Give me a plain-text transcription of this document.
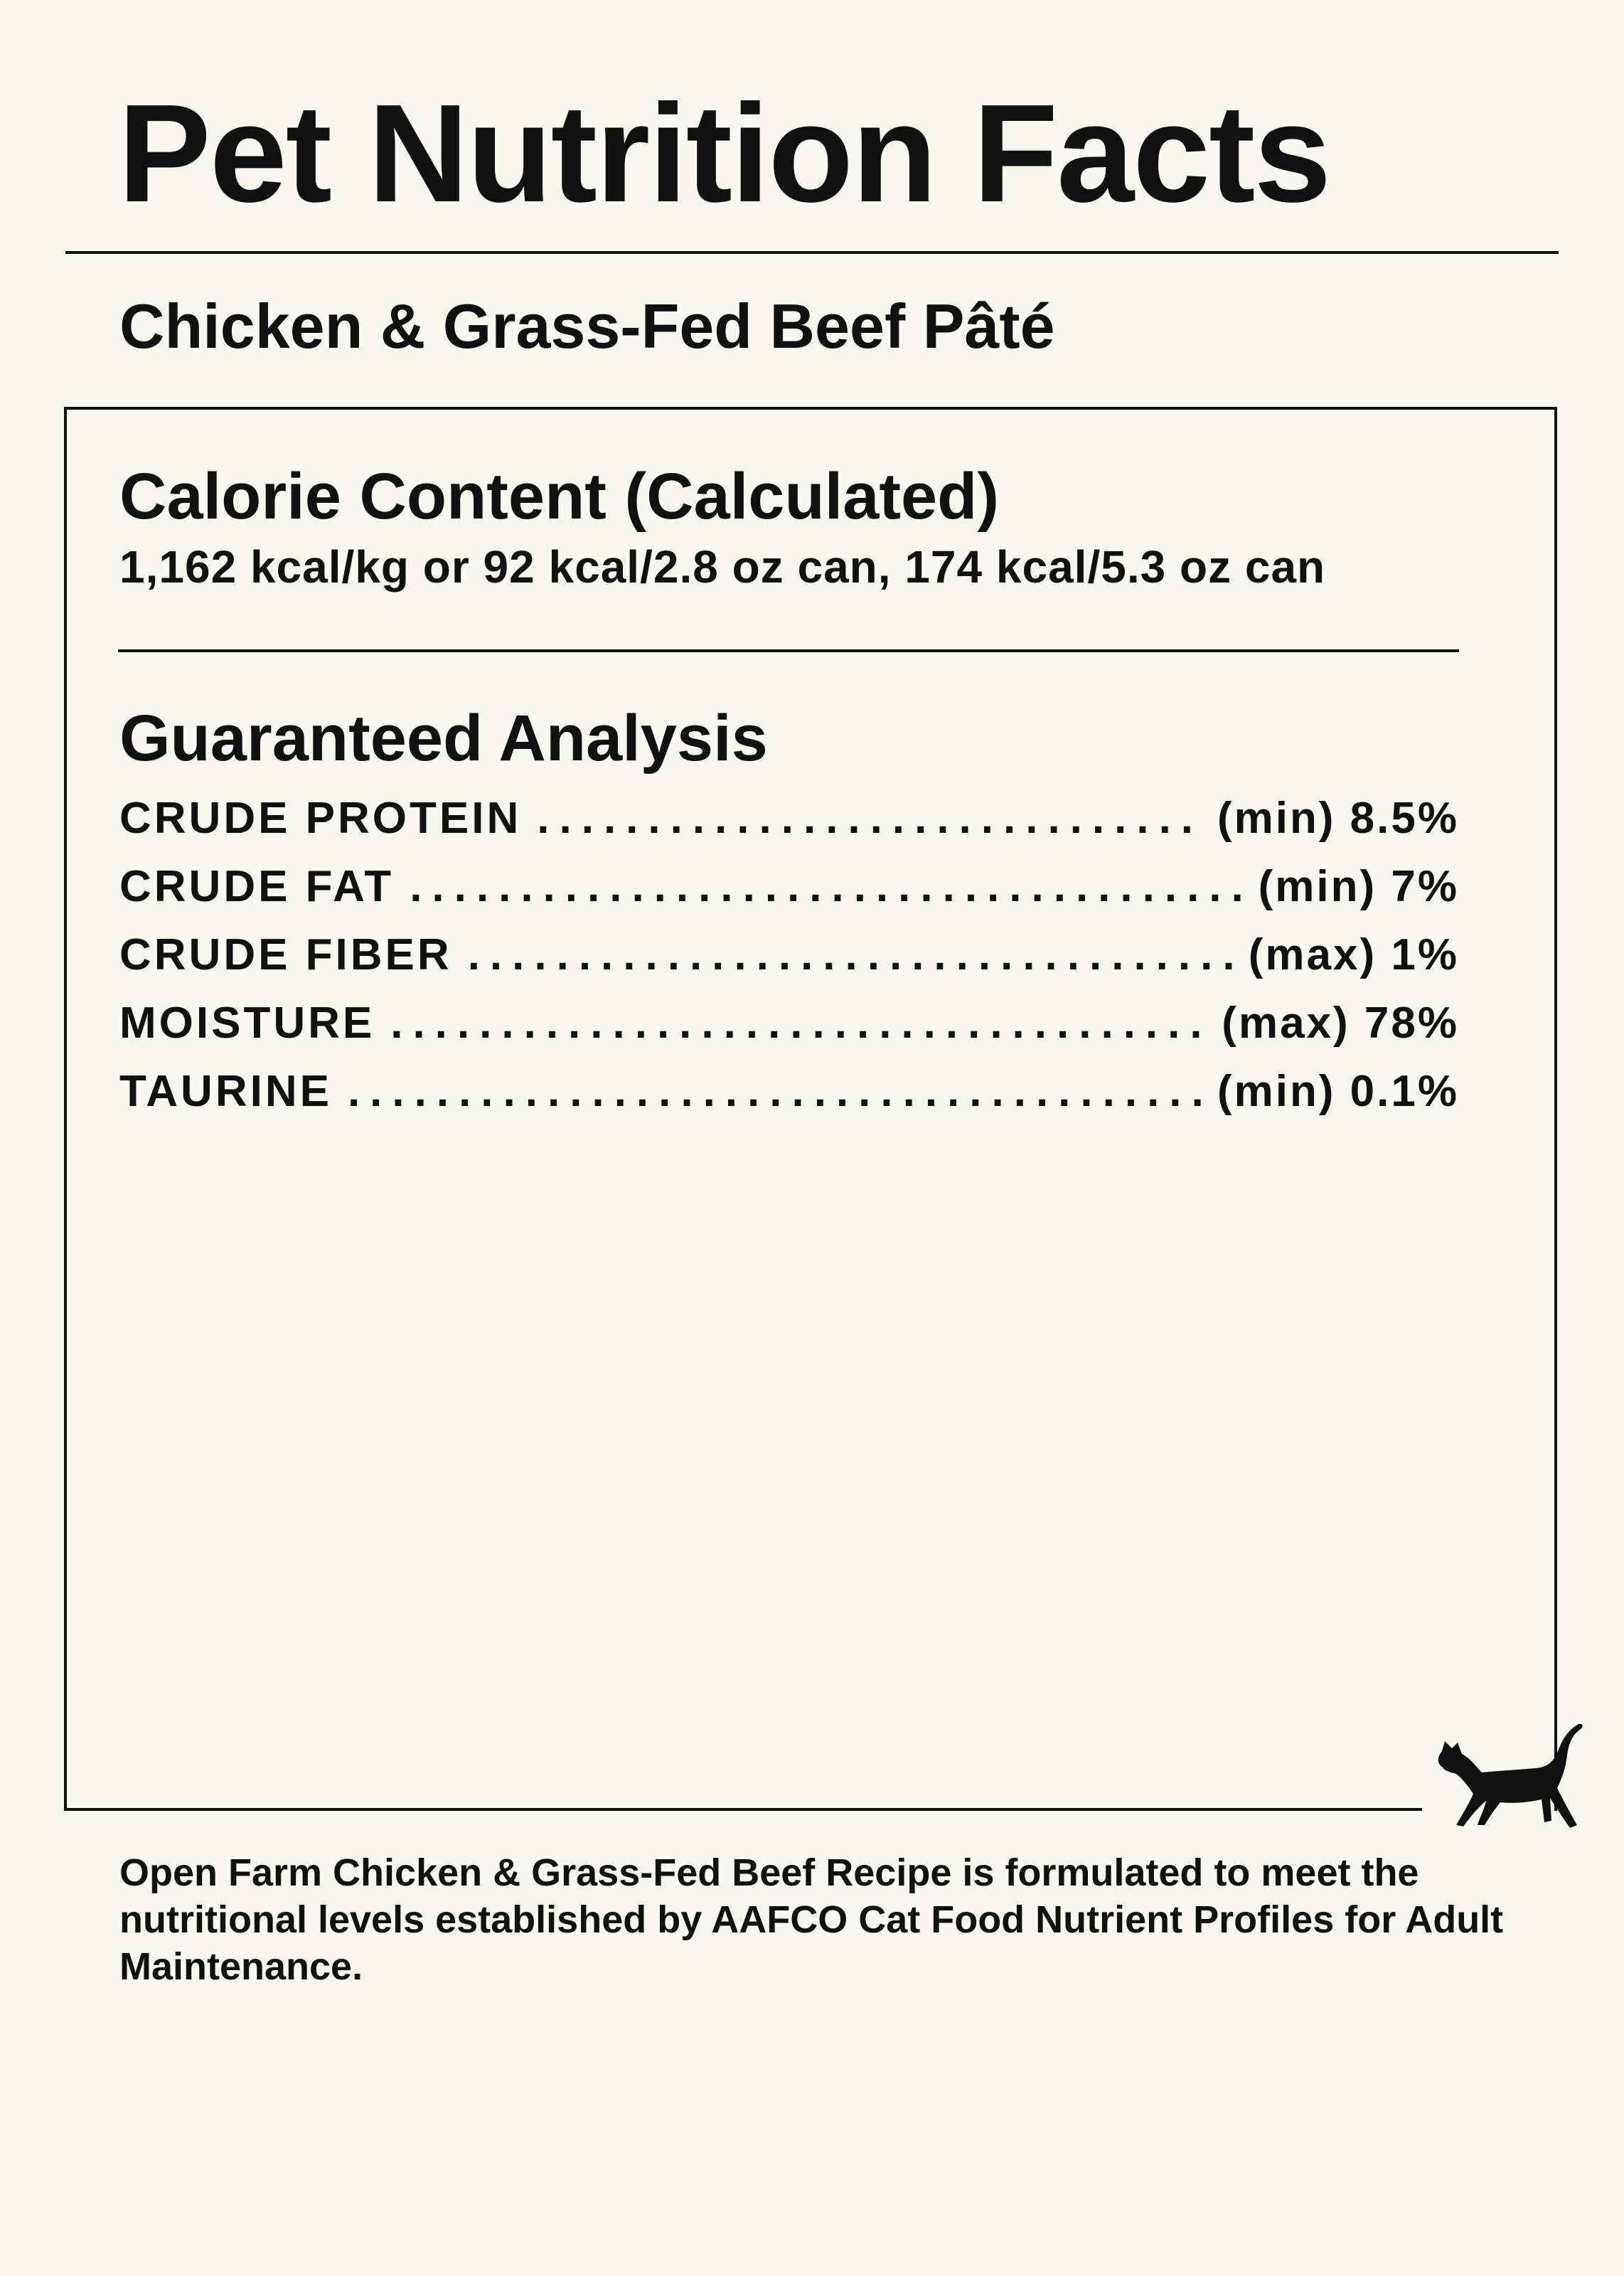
Pet Nutrition Facts
Chicken & Grass-Fed Beef Pâté
Calorie Content (Calculated)
1,162 kcal/kg or 92 kcal/2.8 oz can, 174 kcal/5.3 oz can
Guaranteed Analysis
CRUDE PROTEIN .....	(min) 8.5%
CRUDE FAT .....	(min) 7%
CRUDE FIBER .....	(max) 1%
MOISTURE .....	(max) 78%
TAURINE .....	(min) 0.1%
Open Farm Chicken & Grass-Fed Beef Recipe is formulated to meet the nutritional levels established by AAFCO Cat Food Nutrient Profiles for Adult Maintenance.
